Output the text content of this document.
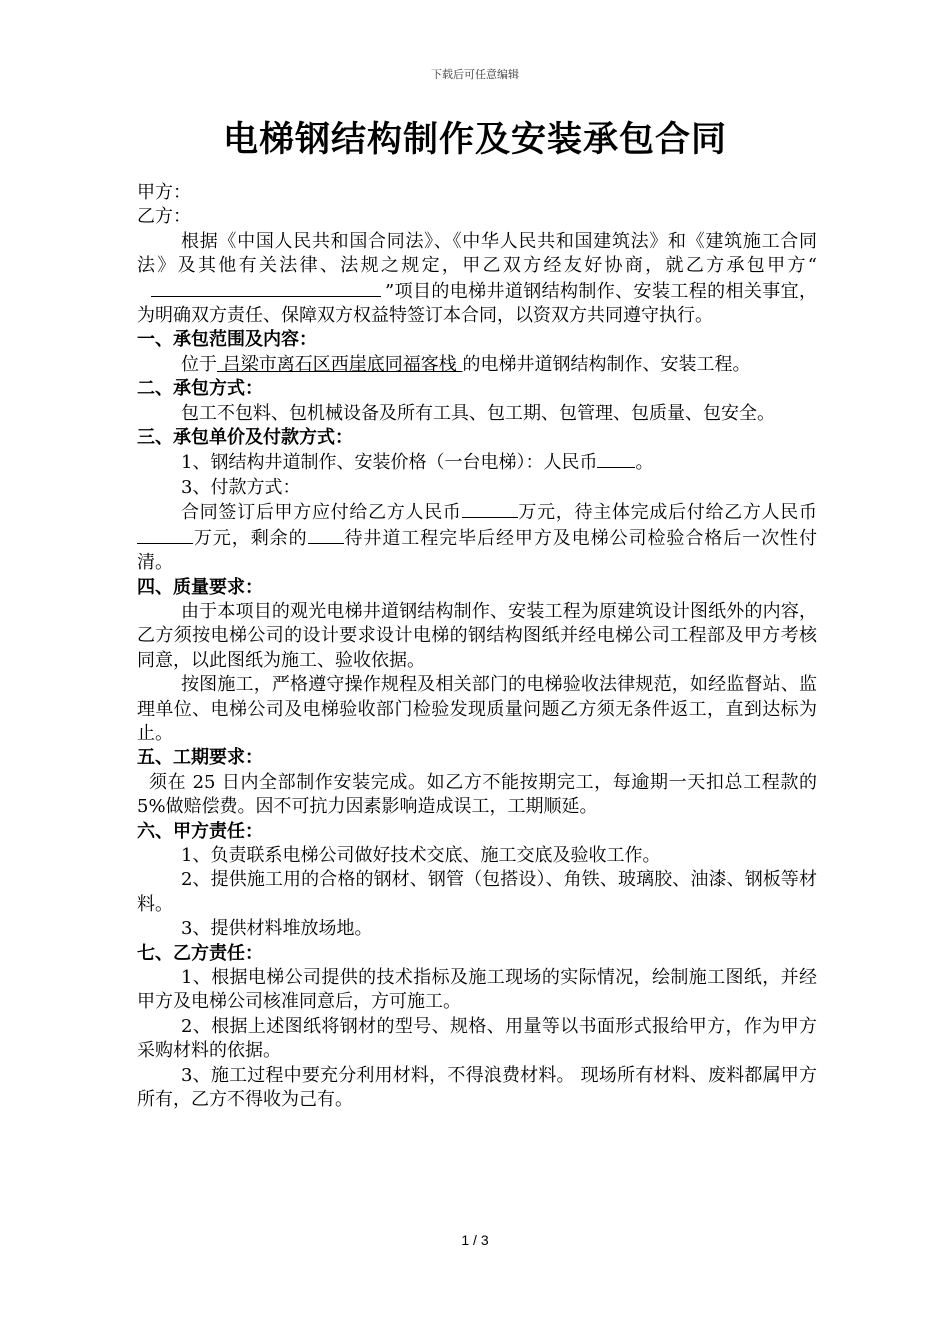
下载后可任意编辑
电梯钢结构制作及安装承包合同

甲方：

乙方：

根据《中国人民共和国合同法》、《中华人民共和国建筑法》和《建筑施工合同法》及其他有关法律、法规之规定，甲乙双方经友好协商，就乙方承包甲方“”项目的电梯井道钢结构制作、安装工程的相关事宜，为明确双方责任、保障双方权益特签订本合同，以资双方共同遵守执行。

一、承包范围及内容：

位于 吕梁市离石区西崖底同福客栈 的电梯井道钢结构制作、安装工程。

二、承包方式：

包工不包料、包机械设备及所有工具、包工期、包管理、包质量、包安全。

三、承包单价及付款方式：

1、钢结构井道制作、安装价格（一台电梯）：人民币 。

3、付款方式：

合同签订后甲方应付给乙方人民币	万元，待主体完成后付给乙方人民币 万元，剩余的 待井道工程完毕后经甲方及电梯公司检验合格后一次性付清。

四、质量要求：

由于本项目的观光电梯井道钢结构制作、安装工程为原建筑设计图纸外的内容，乙方须按电梯公司的设计要求设计电梯的钢结构图纸并经电梯公司工程部及甲方考核同意，以此图纸为施工、验收依据。

按图施工，严格遵守操作规程及相关部门的电梯验收法律规范，如经监督站、监理单位、电梯公司及电梯验收部门检验发现质量问题乙方须无条件返工，直到达标为止。

五、工期要求：

须在 25 日内全部制作安装完成。如乙方不能按期完工，每逾期一天扣总工程款的 5%做赔偿费。因不可抗力因素影响造成误工，工期顺延。

六、甲方责任：

1、负责联系电梯公司做好技术交底、施工交底及验收工作。

2、提供施工用的合格的钢材、钢管（包搭设）、角铁、玻璃胶、油漆、钢板等材料。

3、提供材料堆放场地。

七、乙方责任：

1、根据电梯公司提供的技术指标及施工现场的实际情况，绘制施工图纸，并经甲方及电梯公司核准同意后，方可施工。

2、根据上述图纸将钢材的型号、规格、用量等以书面形式报给甲方，作为甲方采购材料的依据。

3、施工过程中要充分利用材料，不得浪费材料。 现场所有材料、废料都属甲方所有，乙方不得收为己有。

1 / 3
